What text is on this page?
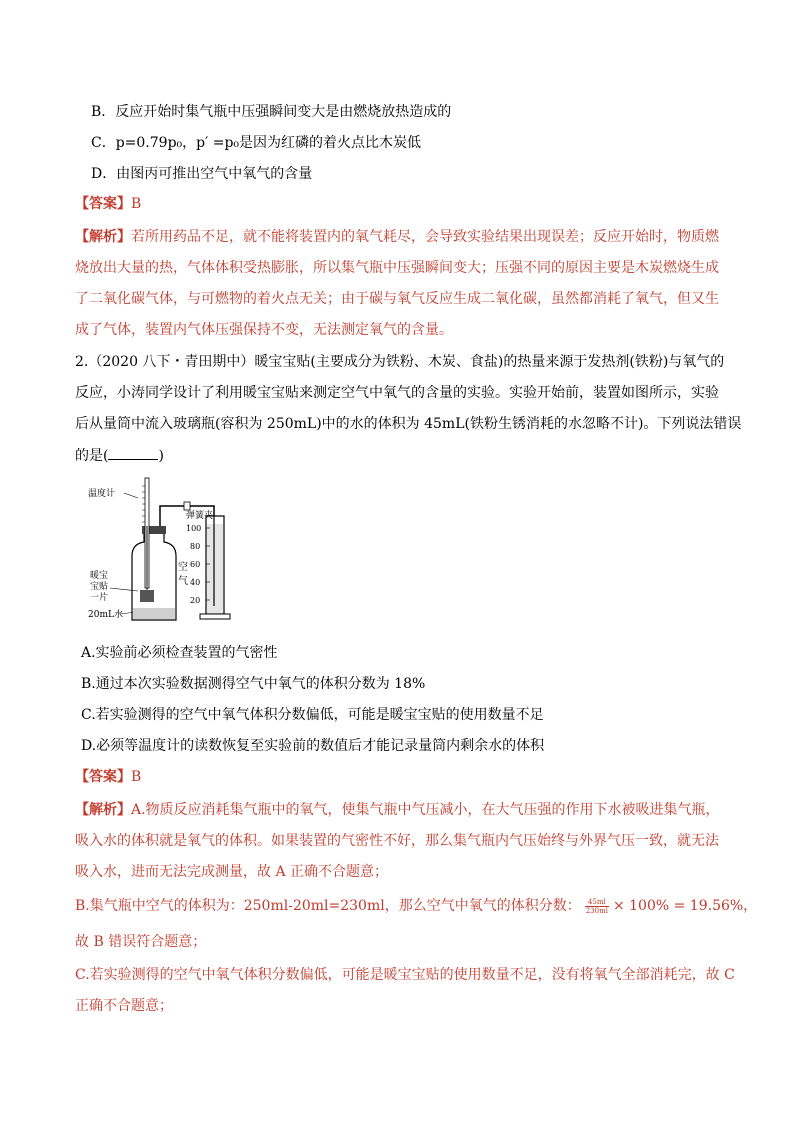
B．反应开始时集气瓶中压强瞬间变大是由燃烧放热造成的
C．p=0.79p₀，p′ =p₀是因为红磷的着火点比木炭低
D．由图丙可推出空气中氧气的含量
【答案】B
【解析】若所用药品不足，就不能将装置内的氧气耗尽，会导致实验结果出现误差；反应开始时，物质燃
烧放出大量的热，气体体积受热膨胀，所以集气瓶中压强瞬间变大；压强不同的原因主要是木炭燃烧生成
了二氧化碳气体，与可燃物的着火点无关；由于碳与氧气反应生成二氧化碳，虽然都消耗了氧气，但又生
成了气体，装置内气体压强保持不变，无法测定氧气的含量。
2.（2020 八下・青田期中）暖宝宝贴(主要成分为铁粉、木炭、食盐)的热量来源于发热剂(铁粉)与氧气的
反应，小涛同学设计了利用暖宝宝贴来测定空气中氧气的含量的实验。实验开始前，装置如图所示，实验
后从量筒中流入玻璃瓶(容积为 250mL)中的水的体积为 45mL(铁粉生锈消耗的水忽略不计)。下列说法错误
的是(	)
温度计
弹簧夹
暖宝
宝贴
一片
20mL水
空
气
100
80
60
40
20
A.实验前必须检查装置的气密性
B.通过本次实验数据测得空气中氧气的体积分数为 18%
C.若实验测得的空气中氧气体积分数偏低，可能是暖宝宝贴的使用数量不足
D.必须等温度计的读数恢复至实验前的数值后才能记录量筒内剩余水的体积
【答案】B
【解析】A.物质反应消耗集气瓶中的氧气，使集气瓶中气压减小，在大气压强的作用下水被吸进集气瓶，
吸入水的体积就是氧气的体积。如果装置的气密性不好，那么集气瓶内气压始终与外界气压一致，就无法
吸入水，进而无法完成测量，故 A 正确不合题意；
B.集气瓶中空气的体积为：250ml-20ml=230ml，那么空气中氧气的体积分数： $\frac{45ml}{230ml} \times 100\% = 19.56\%$，
故 B 错误符合题意；
C.若实验测得的空气中氧气体积分数偏低，可能是暖宝宝贴的使用数量不足，没有将氧气全部消耗完，故 C
正确不合题意；
